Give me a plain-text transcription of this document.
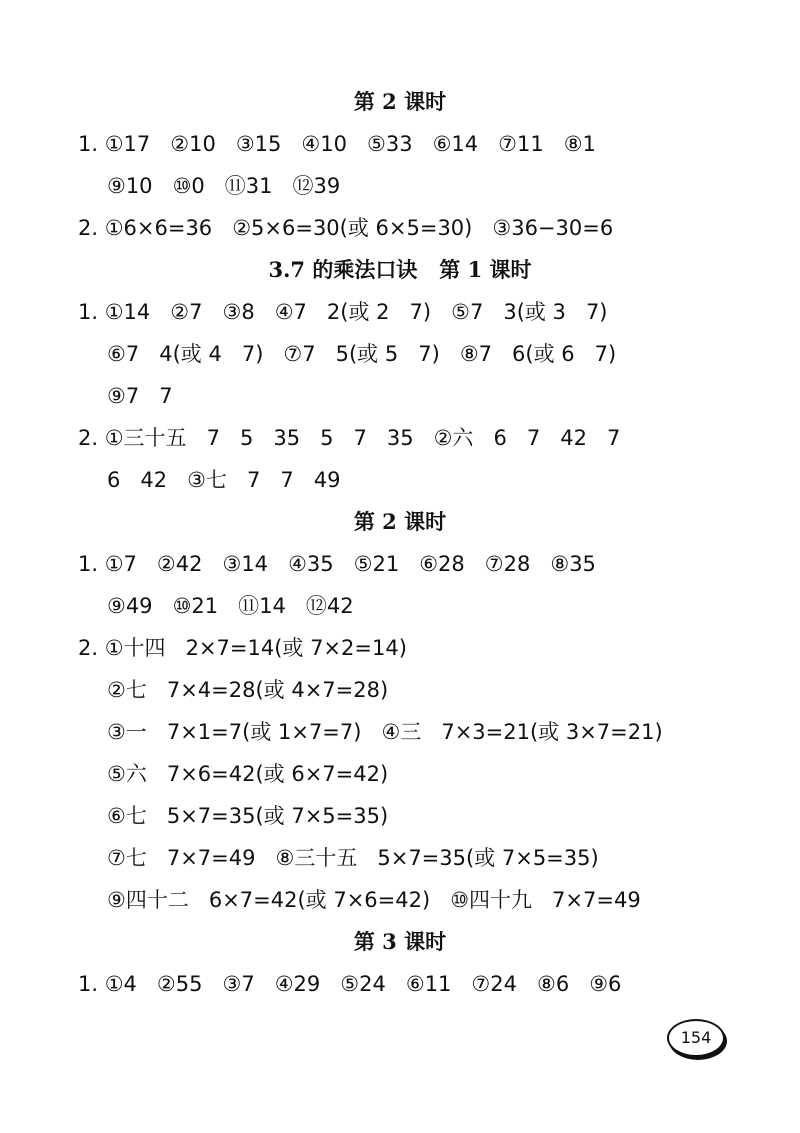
第 2 课时
1. ①17   ②10   ③15   ④10   ⑤33   ⑥14   ⑦11   ⑧1
⑨10   ⑩0   ⑪31   ⑫39
2. ①6×6=36   ②5×6=30(或 6×5=30)   ③36−30=6
3.7 的乘法口诀   第 1 课时
1. ①14   ②7   ③8   ④7   2(或 2   7)   ⑤7   3(或 3   7)
⑥7   4(或 4   7)   ⑦7   5(或 5   7)   ⑧7   6(或 6   7)
⑨7   7
2. ①三十五   7   5   35   5   7   35   ②六   6   7   42   7
6   42   ③七   7   7   49
第 2 课时
1. ①7   ②42   ③14   ④35   ⑤21   ⑥28   ⑦28   ⑧35
⑨49   ⑩21   ⑪14   ⑫42
2. ①十四   2×7=14(或 7×2=14)
②七   7×4=28(或 4×7=28)
③一   7×1=7(或 1×7=7)   ④三   7×3=21(或 3×7=21)
⑤六   7×6=42(或 6×7=42)
⑥七   5×7=35(或 7×5=35)
⑦七   7×7=49   ⑧三十五   5×7=35(或 7×5=35)
⑨四十二   6×7=42(或 7×6=42)   ⑩四十九   7×7=49
第 3 课时
1. ①4   ②55   ③7   ④29   ⑤24   ⑥11   ⑦24   ⑧6   ⑨6
154
